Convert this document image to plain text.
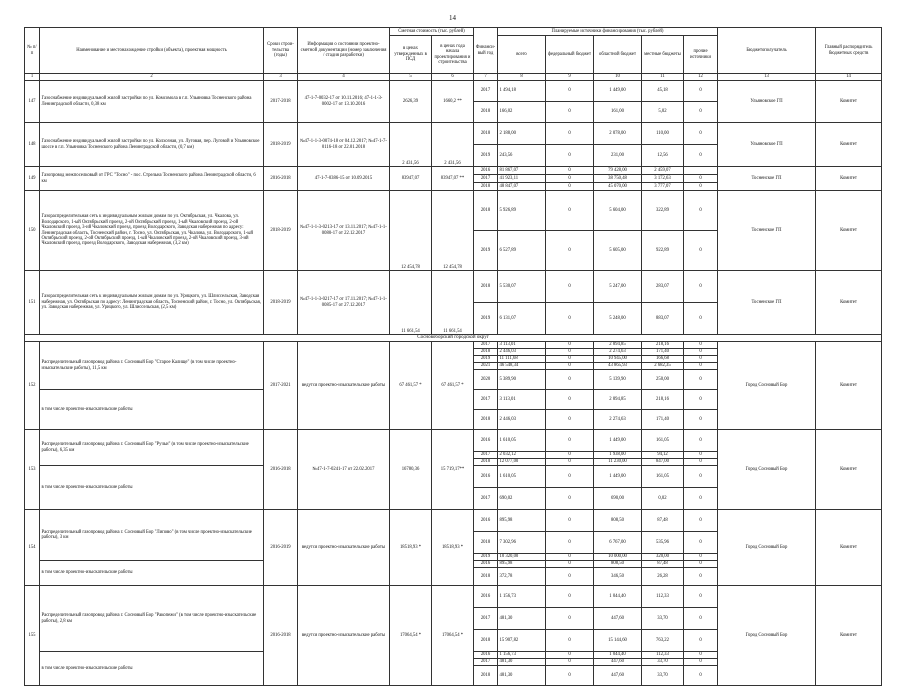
14
№ п/п	Наименование и местонахождение стройки (объекта), проектная мощность	Сроки строи-тельства (годы)	Информация о состоянии проектно-сметной документации (номер заключения / стадия разработки)	Сметная стоимость (тыс. рублей)		Финанси-вый год	Планируемые источники финансирования (тыс. рублей)					Бюджетополучатель	Главный распорядитель бюджетных средств
				в ценах утвержденных в ПСД	в ценах года начала проектирования и строительства		всего	федеральный бюджет	областной бюджет	местные бюджеты	прочие источники		
1	2	3	4	5	6	7	8	9	10	11	12	13	14
147	Газоснабжение индивидуальной жилой застройки по ул. Комсомола в г.п. Ульяновка Тосненского района Ленинградской области, 0,38 км	2017-2018	47-1-7-0032-17 от 10.11.2016; 47-1-1-3-0002-17 от 13.10.2016	2626,39	1660,2 **	2017	1 494,18	0	1 449,00	45,18	0	Ульяновское ГП	Комитет
						2018	166,02	0	161,00	5,02	0		
148	Газоснабжение индивидуальной жилой застройки по ул. Колхозная, ул. Луговая, пер. Луговой и Ульяновское шоссе в г.п. Ульяновка Тосненского района Ленинградской области, (0,7 км)	2018-2019	№47-1-1-3-0074-18 от 04.12.2017; №47-1-7-0116-18 от 22.01.2018	2 431,56	2 431,56	2018	2 188,00	0	2 078,00	110,00	0	Ульяновское ГП	Комитет
						2019	243,56	0	231,00	12,56	0		
149	Газопровод межпоселковый от ГРС "Тосно" - пос. Стрельна Тосненского района Ленинградской области, 6 км	2016-2018	47-1-7-0386-15 от 10.09.2015	83947,07	83947,07 **	2016	81 867,07	0	79 428,00	2 459,07		Тосненское ГП	Комитет
						2017	41 923,11	0	38 750,48	3 172,63	0		
						2018	48 847,07	0	45 070,00	3 777,07	0		
150	Газораспределительная сеть к индивидуальным жилым домам по ул. Октябрьская, ул. Чкалова, ул. Володарского, 1-ый Октябрьский проезд, 2-ой Октябрьский проезд, 1-ый Чкаловский проезд, 2-ой Чкаловский проезд, 3-ий Чкаловский проезд, проезд Володарского, Заводская набережная по адресу: Ленинградская область, Тосненский район, г. Тосно, ул. Октябрьская, ул. Чкалова, ул. Володарского, 1-ый Октябрьский проезд, 2-ой Октябрьский проезд, 1-ый Чкаловский проезд, 2-ой Чкаловский проезд, 3-ий Чкаловский проезд, проезд Володарского, Заводская набережная, (3,2 км)	2018-2019	№47-1-1-3-0213-17 от 13.11.2017; №47-1-1-0080-17 от 22.12.2017	12 454,78	12 454,78	2018	5 926,89	0	5 604,00	322,89	0	Тосненское ГП	Комитет
						2019	6 527,89	0	5 605,00	922,89	0		
151	Газораспределительная сеть к индивидуальным жилым домам по ул. Урицкого, ул. Шлиссельская, Заводская набережная, ул. Октябрьская по адресу: Ленинградская область, Тосненский район, г. Тосно, ул. Октябрьская, ул. Заводская набережная, ул. Урицкого, ул. Шлиссельская, (2,5 км)	2018-2019	№47-1-1-3-0217-17 от 17.11.2017; №47-1-1-0085-17 от 27.12.2017	11 661,54	11 661,54	2018	5 530,07	0	5 247,00	283,07	0	Тосненское ГП	Комитет
						2019	6 131,07	0	5 248,00	883,07	0		
Сосновоборский городской округ													
152	Распределительный газопровод района г. Сосновый Бор "Старое Калище" (в том числе проектно-изыскательские работы), 11,5 км	2017-2021	ведутся проектно-изыскательские работы	67 461,57 *	67 461,57 *	2017	3 113,01	0	2 894,85	218,16	0	Город Сосновый Бор	Комитет
						2018	2 446,03	0	2 274,63	171,40	0		
						2019	11 111,68	0	10 945,00	166,68	0		
						2021	46 548,34	0	43 865,93	2 682,35	0		
						2020	5 389,90	0	5 139,90	250,00	0		
	в том числе проектно-изыскательские работы					2017	3 113,01	0	2 894,85	218,16	0		
						2018	2 446,03	0	2 274,63	171,40	0		
153	Распределительный газопровод района г. Сосновый Бор "Ручьи" (в том числе проектно-изыскательские работы), 6,35 км	2016-2018	№47-1-7-0241-17 от 22.02.2017	16780,36	15 719,17**	2016	1 610,05	0	1 449,00	161,05	0	Город Сосновый Бор	Комитет
						2017	2 032,12	0	1 938,00	94,12	0		
						2018	12 077,00	0	11 230,00	847,00	0		
	в том числе проектно-изыскательские работы					2016	1 610,05	0	1 449,00	161,05	0		
						2017	690,02	0	690,00	0,02	0		
154	Распределительный газопровод района г. Сосновый Бор "Липово" (в том числе проектно-изыскательские работы), 3 км	2016-2019	ведутся проектно-изыскательские работы	18518,93 *	18518,93 *	2016	895,98	0	808,50	87,48	0	Город Сосновый Бор	Комитет
						2018	7 302,96	0	6 767,00	535,96	0		
						2019	10 320,00	0	10 000,00	320,00	0		
	в том числе проектно-изыскательские работы					2016	895,98	0	808,50	87,48	0		
						2018	372,78	0	346,50	26,28	0		
155	Распределительный газопровод района г. Сосновый Бор "Ракопежи" (в том числе проектно-изыскательские работы), 2,8 км	2016-2018	ведутся проектно-изыскательские работы	17064,54 *	17064,54 *	2016	1 156,73	0	1 044,40	112,33	0	Город Сосновый Бор	Комитет
						2017	481,30	0	447,60	33,70	0		
						2018	15 907,82	0	15 144,60	763,22	0		
	в том числе проектно-изыскательские работы					2016	1 156,73	0	1 044,40	112,33	0		
						2017	481,30	0	447,60	33,70	0		
						2018	481,30	0	447,60	33,70	0		
